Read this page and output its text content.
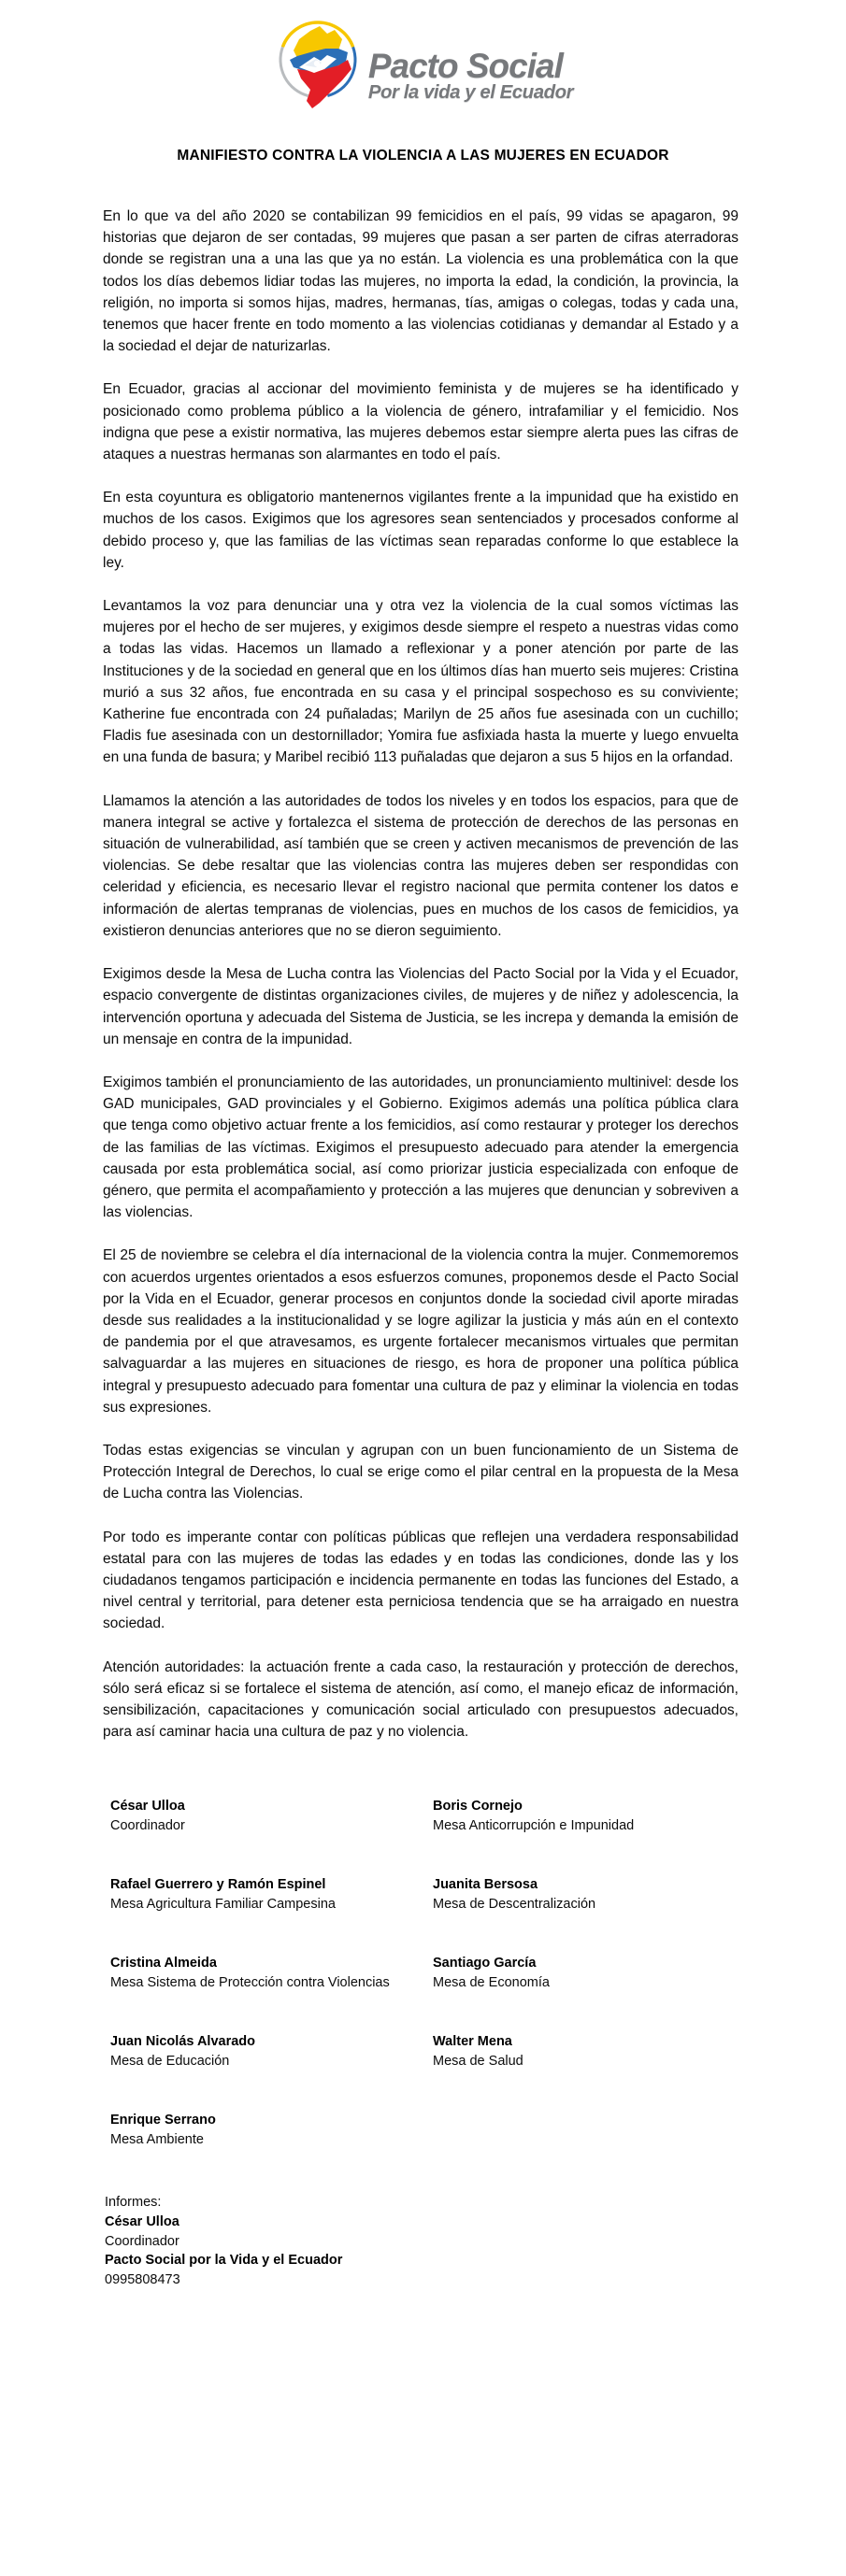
Pacto Social
Por la vida y el Ecuador
MANIFIESTO CONTRA LA VIOLENCIA A LAS MUJERES EN ECUADOR

En lo que va del año 2020 se contabilizan 99 femicidios en el país, 99 vidas se apagaron, 99 historias que dejaron de ser contadas, 99 mujeres que pasan a ser parten de cifras aterradoras donde se registran una a una las que ya no están. La violencia es una problemática con la que todos los días debemos lidiar todas las mujeres, no importa la edad, la condición, la provincia, la religión, no importa si somos hijas, madres, hermanas, tías, amigas o colegas, todas y cada una, tenemos que hacer frente en todo momento a las violencias cotidianas y demandar al Estado y a la sociedad el dejar de naturizarlas.

En Ecuador, gracias al accionar del movimiento feminista y de mujeres se ha identificado y posicionado como problema público a la violencia de género, intrafamiliar y el femicidio. Nos indigna que pese a existir normativa, las mujeres debemos estar siempre alerta pues las cifras de ataques a nuestras hermanas son alarmantes en todo el país.

En esta coyuntura es obligatorio mantenernos vigilantes frente a la impunidad que ha existido en muchos de los casos. Exigimos que los agresores sean sentenciados y procesados conforme al debido proceso y, que las familias de las víctimas sean reparadas conforme lo que establece la ley.

Levantamos la voz para denunciar una y otra vez la violencia de la cual somos víctimas las mujeres por el hecho de ser mujeres, y exigimos desde siempre el respeto a nuestras vidas como a todas las vidas. Hacemos un llamado a reflexionar y a poner atención por parte de las Instituciones y de la sociedad en general que en los últimos días han muerto seis mujeres: Cristina murió a sus 32 años, fue encontrada en su casa y el principal sospechoso es su conviviente; Katherine fue encontrada con 24 puñaladas; Marilyn de 25 años fue asesinada con un cuchillo; Fladis fue asesinada con un destornillador; Yomira fue asfixiada hasta la muerte y luego envuelta en una funda de basura; y Maribel recibió 113 puñaladas que dejaron a sus 5 hijos en la orfandad.

Llamamos la atención a las autoridades de todos los niveles y en todos los espacios, para que de manera integral se active y fortalezca el sistema de protección de derechos de las personas en situación de vulnerabilidad, así también que se creen y activen mecanismos de prevención de las violencias. Se debe resaltar que las violencias contra las mujeres deben ser respondidas con celeridad y eficiencia, es necesario llevar el registro nacional que permita contener los datos e información de alertas tempranas de violencias, pues en muchos de los casos de femicidios, ya existieron denuncias anteriores que no se dieron seguimiento.

Exigimos desde la Mesa de Lucha contra las Violencias del Pacto Social por la Vida y el Ecuador, espacio convergente de distintas organizaciones civiles, de mujeres y de niñez y adolescencia, la intervención oportuna y adecuada del Sistema de Justicia, se les increpa y demanda la emisión de un mensaje en contra de la impunidad.

Exigimos también el pronunciamiento de las autoridades, un pronunciamiento multinivel: desde los GAD municipales, GAD provinciales y el Gobierno. Exigimos además una política pública clara que tenga como objetivo actuar frente a los femicidios, así como restaurar y proteger los derechos de las familias de las víctimas. Exigimos el presupuesto adecuado para atender la emergencia causada por esta problemática social, así como priorizar justicia especializada con enfoque de género, que permita el acompañamiento y protección a las mujeres que denuncian y sobreviven a las violencias.

El 25 de noviembre se celebra el día internacional de la violencia contra la mujer. Conmemoremos con acuerdos urgentes orientados a esos esfuerzos comunes, proponemos desde el Pacto Social por la Vida en el Ecuador, generar procesos en conjuntos donde la sociedad civil aporte miradas desde sus realidades a la institucionalidad y se logre agilizar la justicia y más aún en el contexto de pandemia por el que atravesamos, es urgente fortalecer mecanismos virtuales que permitan salvaguardar a las mujeres en situaciones de riesgo, es hora de proponer una política pública integral y presupuesto adecuado para fomentar una cultura de paz y eliminar la violencia en todas sus expresiones.

Todas estas exigencias se vinculan y agrupan con un buen funcionamiento de un Sistema de Protección Integral de Derechos, lo cual se erige como el pilar central en la propuesta de la Mesa de Lucha contra las Violencias.

Por todo es imperante contar con políticas públicas que reflejen una verdadera responsabilidad estatal para con las mujeres de todas las edades y en todas las condiciones, donde las y los ciudadanos tengamos participación e incidencia permanente en todas las funciones del Estado, a nivel central y territorial, para detener esta perniciosa tendencia que se ha arraigado en nuestra sociedad.

Atención autoridades: la actuación frente a cada caso, la restauración y protección de derechos, sólo será eficaz si se fortalece el sistema de atención, así como, el manejo eficaz de información, sensibilización, capacitaciones y comunicación social articulado con presupuestos adecuados, para así caminar hacia una cultura de paz y no violencia.

César Ulloa
Coordinador
Boris Cornejo
Mesa Anticorrupción e Impunidad
Rafael Guerrero y Ramón Espinel
Mesa Agricultura Familiar Campesina
Juanita Bersosa
Mesa de Descentralización
Cristina Almeida
Mesa Sistema de Protección contra Violencias
Santiago García
Mesa de Economía
Juan Nicolás Alvarado
Mesa de Educación
Walter Mena
Mesa de Salud
Enrique Serrano
Mesa Ambiente
Informes:
César Ulloa
Coordinador
Pacto Social por la Vida y el Ecuador
0995808473
